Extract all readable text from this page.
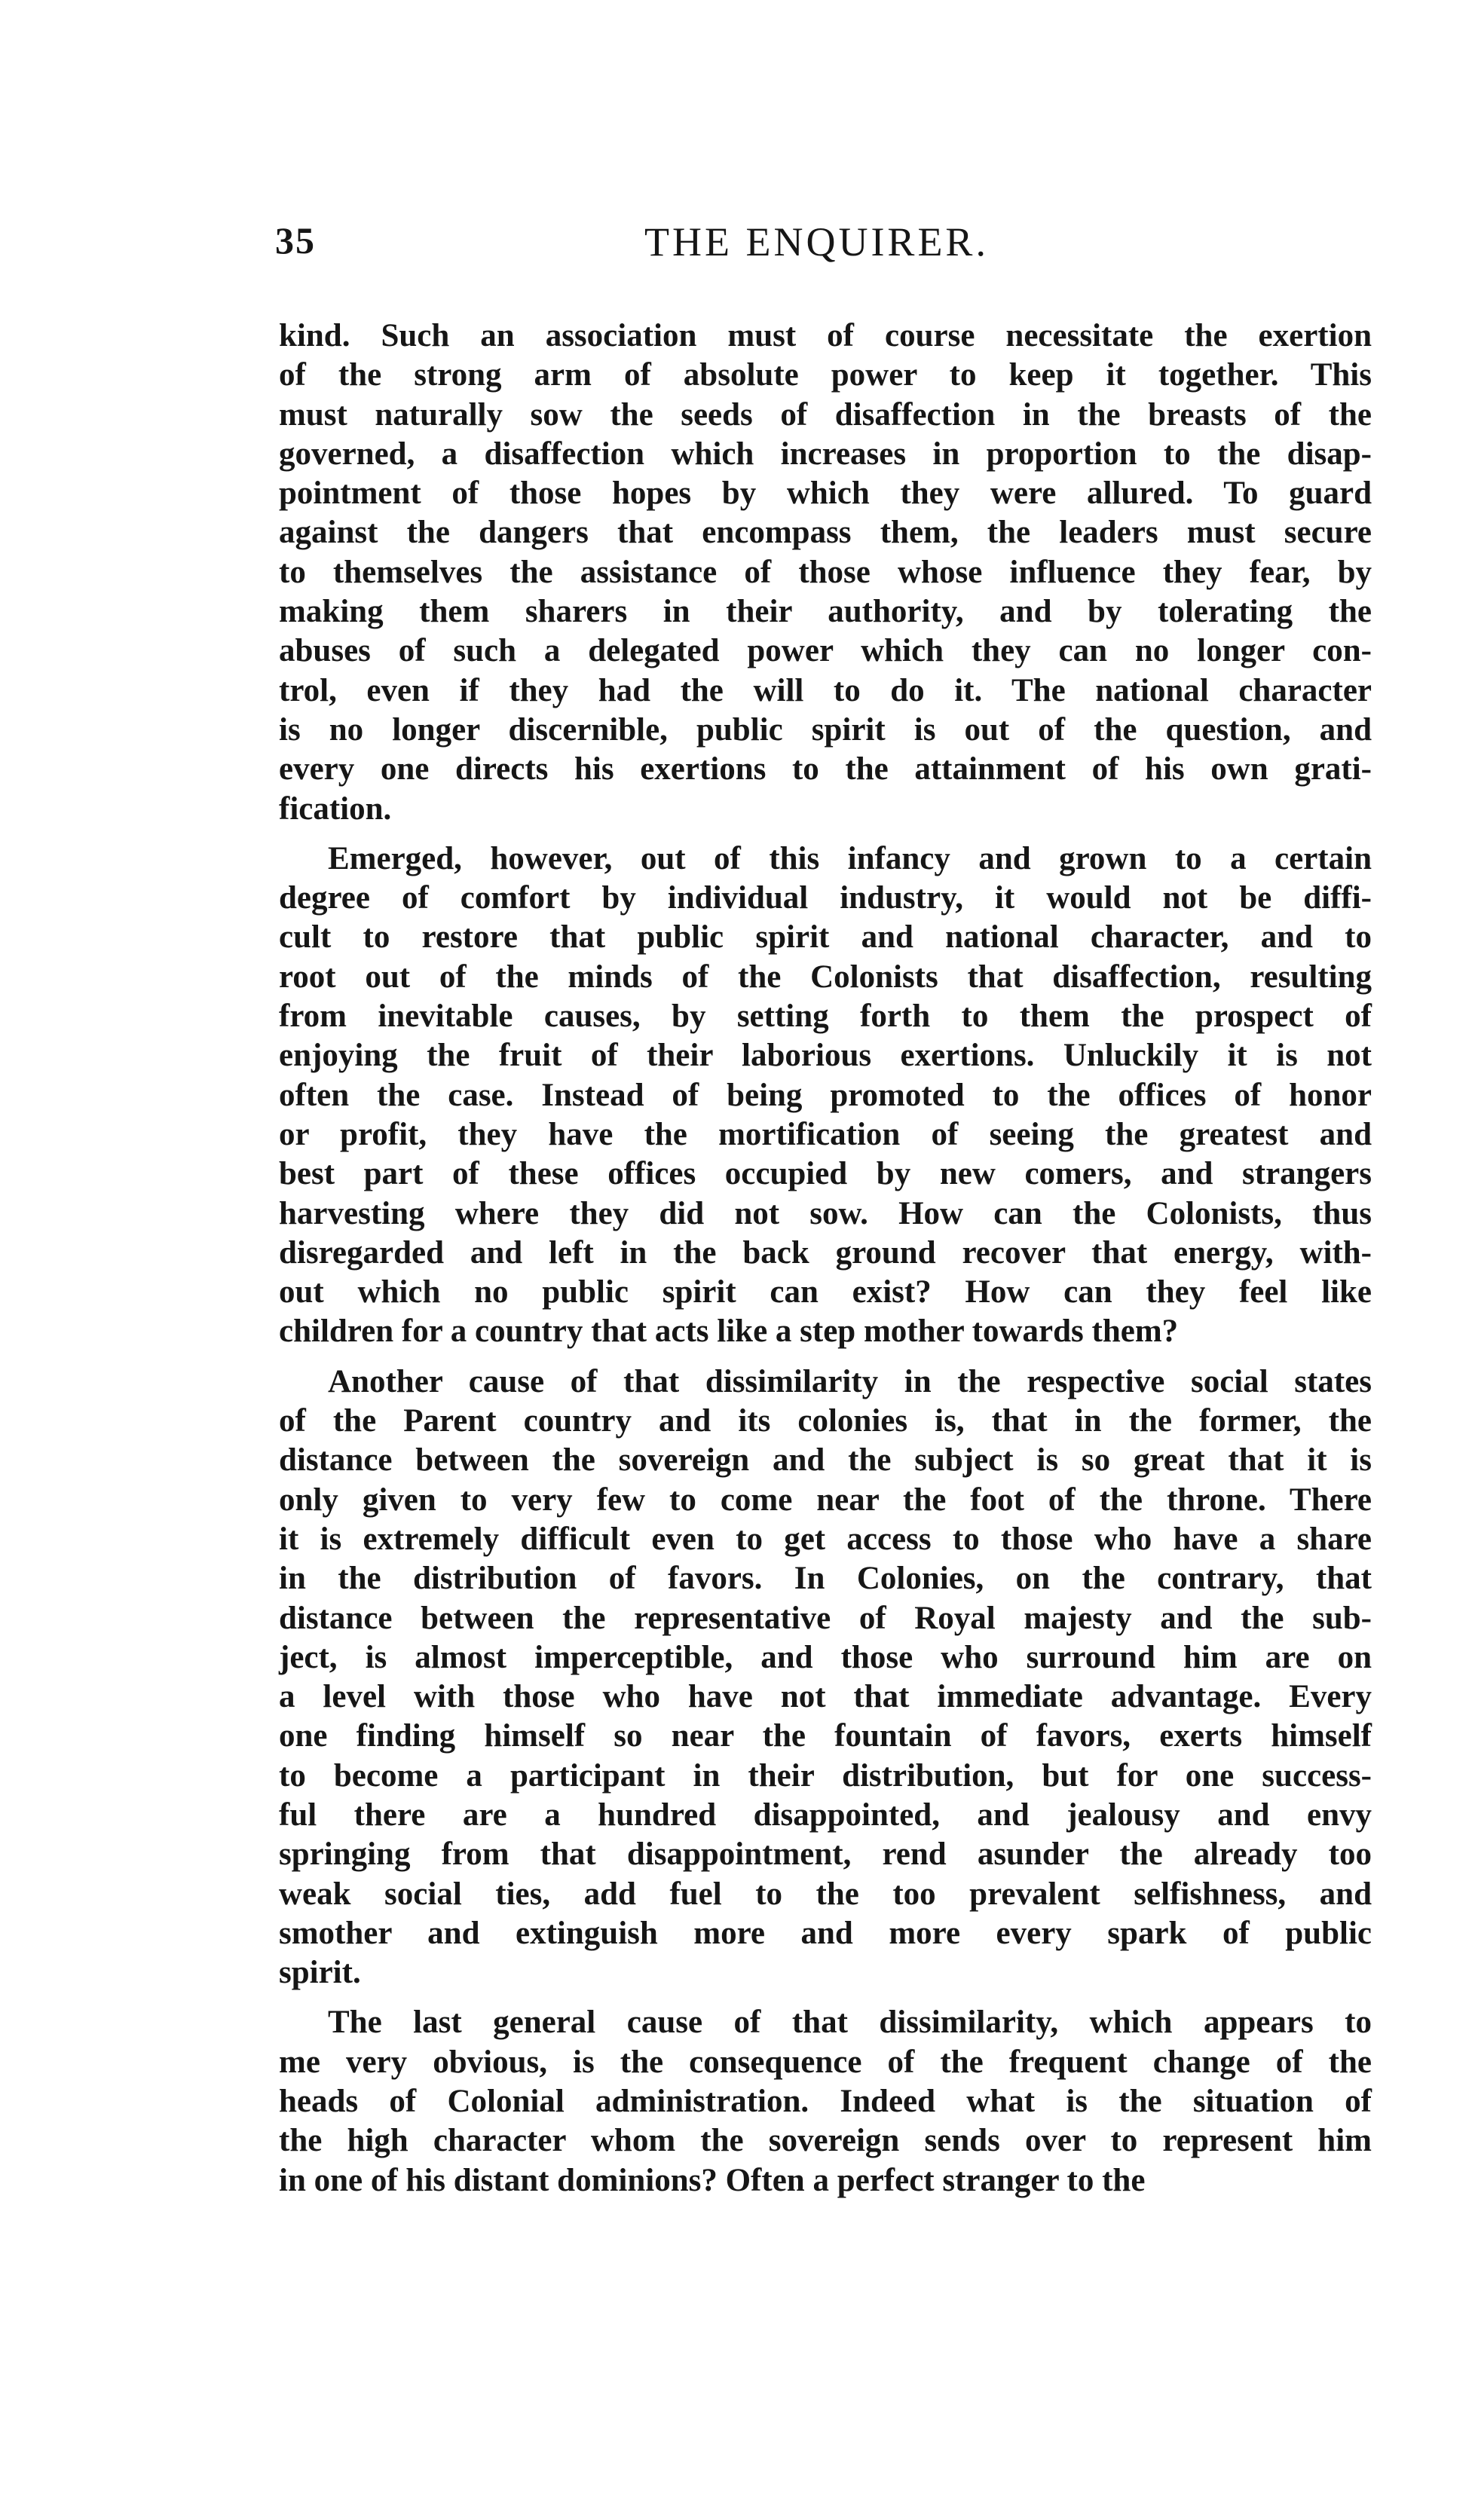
35	THE ENQUIRER.
kind. Such an association must of course necessitate the exertion
of the strong arm of absolute power to keep it together. This
must naturally sow the seeds of disaffection in the breasts of the
governed, a disaffection which increases in proportion to the disap-
pointment of those hopes by which they were allured. To guard
against the dangers that encompass them, the leaders must secure
to themselves the assistance of those whose influence they fear, by
making them sharers in their authority, and by tolerating the
abuses of such a delegated power which they can no longer con-
trol, even if they had the will to do it. The national character
is no longer discernible, public spirit is out of the question, and
every one directs his exertions to the attainment of his own grati-
fication.
Emerged, however, out of this infancy and grown to a certain
degree of comfort by individual industry, it would not be diffi-
cult to restore that public spirit and national character, and to
root out of the minds of the Colonists that disaffection, resulting
from inevitable causes, by setting forth to them the prospect of
enjoying the fruit of their laborious exertions. Unluckily it is not
often the case. Instead of being promoted to the offices of honor
or profit, they have the mortification of seeing the greatest and
best part of these offices occupied by new comers, and strangers
harvesting where they did not sow. How can the Colonists, thus
disregarded and left in the back ground recover that energy, with-
out which no public spirit can exist? How can they feel like
children for a country that acts like a step mother towards them?
Another cause of that dissimilarity in the respective social states
of the Parent country and its colonies is, that in the former, the
distance between the sovereign and the subject is so great that it is
only given to very few to come near the foot of the throne. There
it is extremely difficult even to get access to those who have a share
in the distribution of favors. In Colonies, on the contrary, that
distance between the representative of Royal majesty and the sub-
ject, is almost imperceptible, and those who surround him are on
a level with those who have not that immediate advantage. Every
one finding himself so near the fountain of favors, exerts himself
to become a participant in their distribution, but for one success-
ful there are a hundred disappointed, and jealousy and envy
springing from that disappointment, rend asunder the already too
weak social ties, add fuel to the too prevalent selfishness, and
smother and extinguish more and more every spark of public
spirit.
The last general cause of that dissimilarity, which appears to
me very obvious, is the consequence of the frequent change of the
heads of Colonial administration. Indeed what is the situation of
the high character whom the sovereign sends over to represent him
in one of his distant dominions? Often a perfect stranger to the
